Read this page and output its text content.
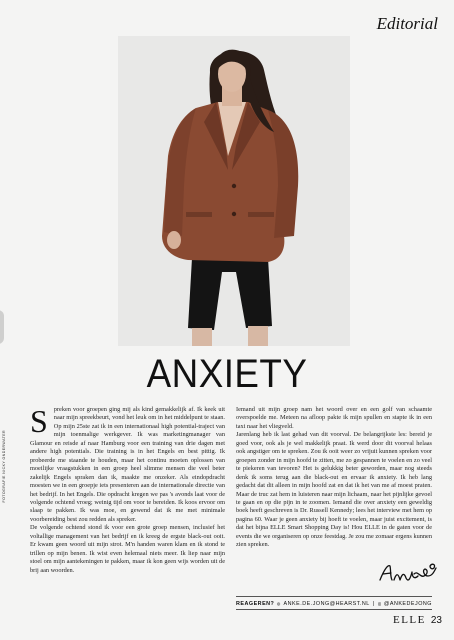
Editorial
ANXIETY
FOTOGRAFIE NICKY ONDERWATER
S preken voor groepen ging mij als kind gemakkelijk af. Ik keek uit naar mijn spreekbeurt, vond het leuk om in het middelpunt te staan. Op mijn 25ste zat ik in een internationaal high potential-traject van mijn toenmalige werkgever. Ik was marketingmanager van Glamour en reisde af naar Hamburg voor een training van drie dagen met andere high potentials. Die training is in het Engels en best pittig. Ik probeerde me staande te houden, maar het continu moeten oplossen van moeilijke vraagstukken in een groep heel slimme mensen die veel beter zakelijk Engels spraken dan ik, maakte me onzeker. Als eindopdracht moesten we in een groepje iets presenteren aan de internationale directie van het bedrijf. In het Engels. Die opdracht kregen we pas 's avonds laat voor de volgende ochtend vroeg; weinig tijd om voor te bereiden. Ik koos ervoor om slaap te pakken. Ik was moe, en gewend dat ik me met minimale voorbereiding best zou redden als spreker.

De volgende ochtend stond ik voor een grote groep mensen, inclusief het voltallige management van het bedrijf en ik kreeg de ergste black-out ooit. Er kwam geen woord uit mijn strot. M'n handen waren klam en ik stond te trillen op mijn benen. Ik wist even helemaal niets meer. Ik liep naar mijn stoel om mijn aantekeningen te pakken, maar ik kon geen wijs worden uit de brij aan woorden.

Iemand uit mijn groep nam het woord over en een golf van schaamte overspoelde me. Meteen na afloop pakte ik mijn spullen en stapte ik in een taxi naar het vliegveld.

Jarenlang heb ik last gehad van dit voorval. De belangrijkste les: bereid je goed voor, ook als je wel makkelijk praat. Ik werd door dit voorval helaas ook angstiger om te spreken. Zou ik ooit weer zo vrijuit kunnen spreken voor groepen zonder in mijn hoofd te zitten, me zo gespannen te voelen en zo veel te piekeren van tevoren? Het is gelukkig beter geworden, maar nog steeds denk ik soms terug aan die black-out en ervaar ik anxiety. Ik heb lang gedacht dat dit alleen in mijn hoofd zat en dat ik het van me af moest praten. Maar de truc zat hem in luisteren naar mijn lichaam, naar het pijnlijke gevoel te gaan en op die pijn in te zoomen. Iemand die over anxiety een geweldig boek heeft geschreven is Dr. Russell Kennedy; lees het interview met hem op pagina 60. Waar je geen anxiety bij hoeft te voelen, maar juist excitement, is dat het bijna ELLE Smart Shopping Day is! Hou ELLE in de gaten voor de events die we organiseren op onze feestdag. Je zou me zomaar ergens kunnen zien spreken.

REAGEREN? ANKE.DE.JONG@HEARST.NL | @ANKEDEJONG
ELLE 23
